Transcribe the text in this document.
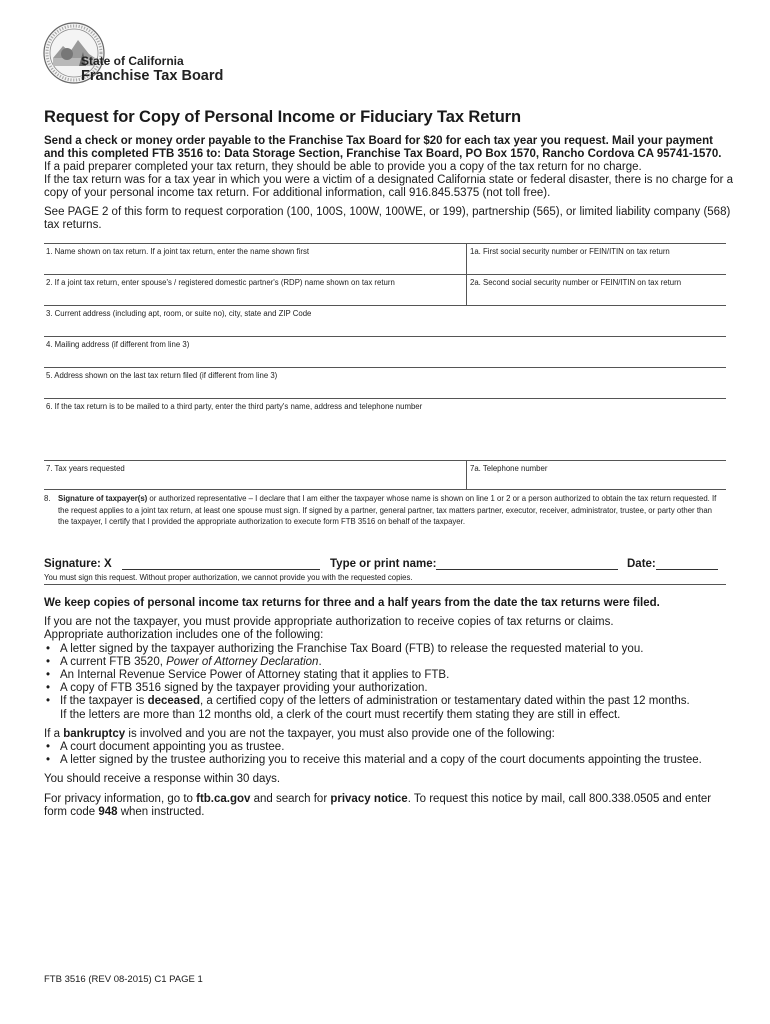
State of California
Franchise Tax Board
Request for Copy of Personal Income or Fiduciary Tax Return

Send a check or money order payable to the Franchise Tax Board for $20 for each tax year you request. Mail your payment and this completed FTB 3516 to: Data Storage Section, Franchise Tax Board, PO Box 1570, Rancho Cordova CA 95741-1570.

If a paid preparer completed your tax return, they should be able to provide you a copy of the tax return for no charge.

If the tax return was for a tax year in which you were a victim of a designated California state or federal disaster, there is no charge for a copy of your personal income tax return. For additional information, call 916.845.5375 (not toll free).

See PAGE 2 of this form to request corporation (100, 100S, 100W, 100WE, or 199), partnership (565), or limited liability company (568) tax returns.

1. Name shown on tax return. If a joint tax return, enter the name shown first	1a. First social security number or FEIN/ITIN on tax return
2. If a joint tax return, enter spouse's / registered domestic partner's (RDP) name shown on tax return	2a. Second social security number or FEIN/ITIN on tax return
3. Current address (including apt, room, or suite no), city, state and ZIP Code
4. Mailing address (if different from line 3)
5. Address shown on the last tax return filed (if different from line 3)
6. If the tax return is to be mailed to a third party, enter the third party's name, address and telephone number
7. Tax years requested	7a. Telephone number
8. Signature of taxpayer(s) or authorized representative – I declare that I am either the taxpayer whose name is shown on line 1 or 2 or a person authorized to obtain the tax return requested. If the request applies to a joint tax return, at least one spouse must sign. If signed by a partner, general partner, tax matters partner, executor, receiver, administrator, trustee, or party other than the taxpayer, I certify that I provided the appropriate authorization to execute form FTB 3516 on behalf of the taxpayer.

Signature: X	Type or print name:	Date:
You must sign this request. Without proper authorization, we cannot provide you with the requested copies.

We keep copies of personal income tax returns for three and a half years from the date the tax returns were filed.

If you are not the taxpayer, you must provide appropriate authorization to receive copies of tax returns or claims.

Appropriate authorization includes one of the following:

• A letter signed by the taxpayer authorizing the Franchise Tax Board (FTB) to release the requested material to you.
• A current FTB 3520, Power of Attorney Declaration.
• An Internal Revenue Service Power of Attorney stating that it applies to FTB.
• A copy of FTB 3516 signed by the taxpayer providing your authorization.
• If the taxpayer is deceased, a certified copy of the letters of administration or testamentary dated within the past 12 months.
If the letters are more than 12 months old, a clerk of the court must recertify them stating they are still in effect.

If a bankruptcy is involved and you are not the taxpayer, you must also provide one of the following:

• A court document appointing you as trustee.
• A letter signed by the trustee authorizing you to receive this material and a copy of the court documents appointing the trustee.

You should receive a response within 30 days.

For privacy information, go to ftb.ca.gov and search for privacy notice. To request this notice by mail, call 800.338.0505 and enter form code 948 when instructed.

FTB 3516 (REV 08-2015) C1 PAGE 1
